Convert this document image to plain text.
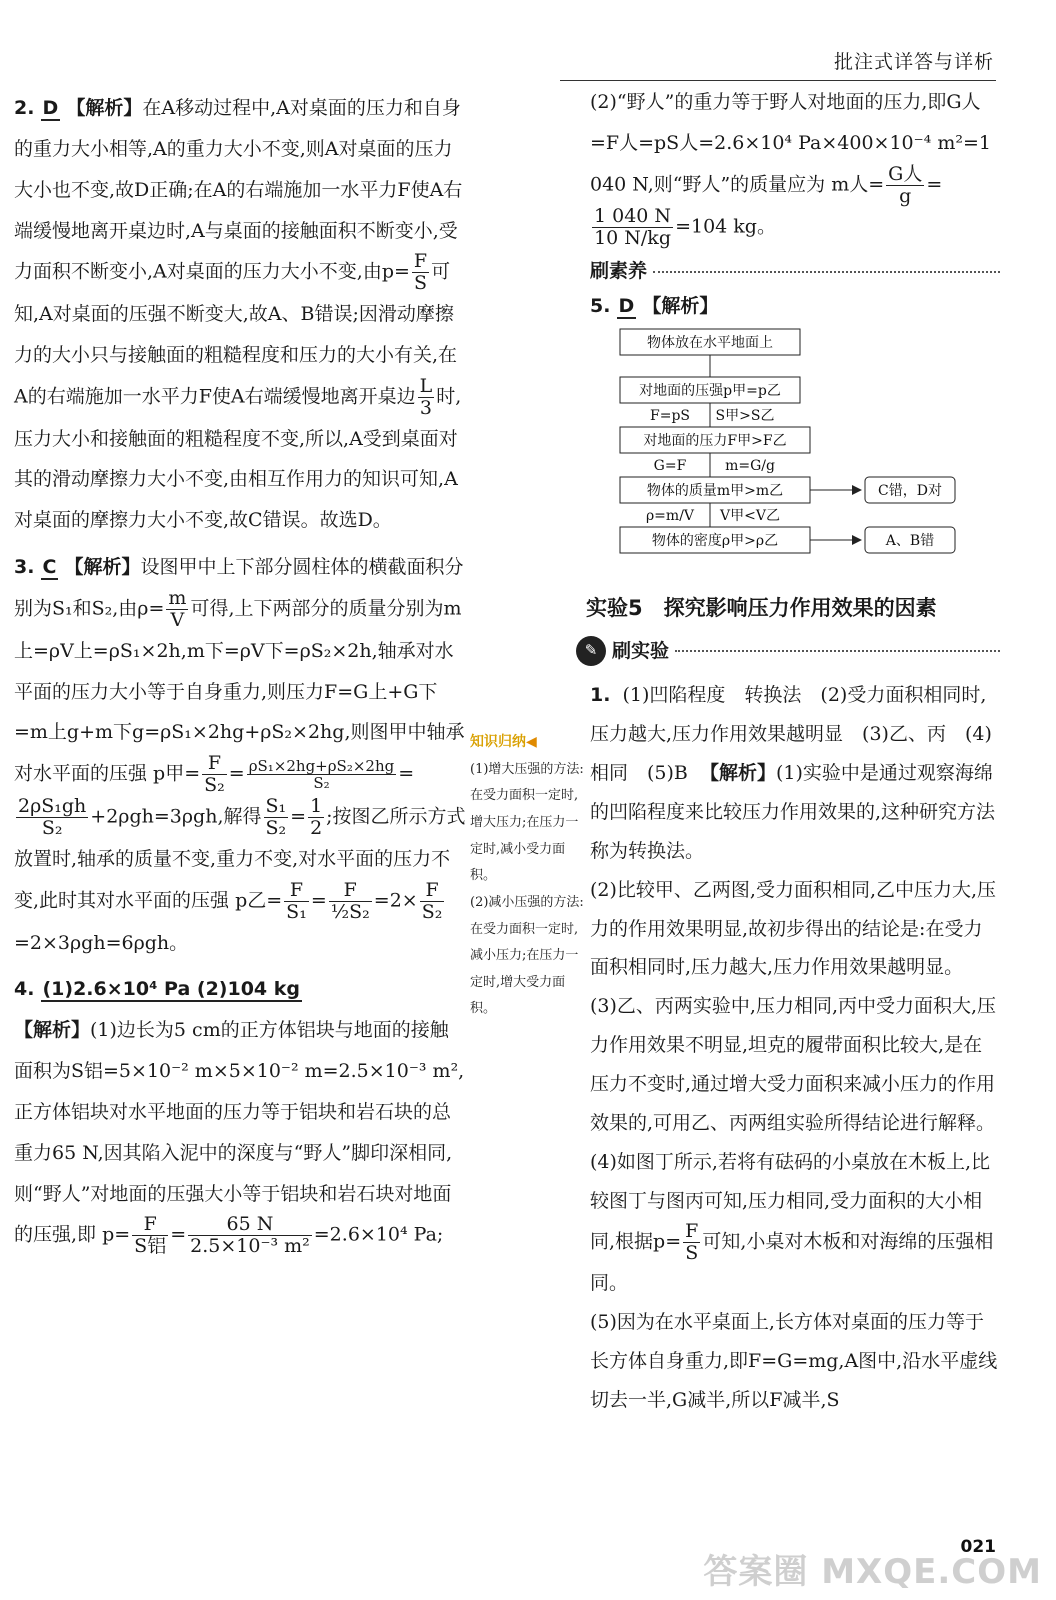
批注式详答与详析
2. D 【解析】在A移动过程中,A对桌面的压力和自身的重力大小相等,A的重力大小不变,则A对桌面的压力大小也不变,故D正确;在A的右端施加一水平力F使A右端缓慢地离开桌边时,A与桌面的接触面积不断变小,受力面积不断变小,A对桌面的压力大小不变,由$p= \frac{F}{S}$ 可知,A对桌面的压强不断变大,故A、B错误;因滑动摩擦力的大小只与接触面的粗糙程度和压力的大小有关,在A的右端施加一水平力F使A右端缓慢地离开桌边 $\frac{L}{3}$ 时,压力大小和接触面的粗糙程度不变,所以,A受到桌面对其的滑动摩擦力大小不变,由相互作用力的知识可知,A对桌面的摩擦力大小不变,故C错误。故选D。
3. C 【解析】设图甲中上下部分圆柱体的横截面积分别为S₁和S₂,由$\rho= \frac{m}{V}$ 可得,上下两部分的质量分别为m上=ρV上=ρS₁×2h,m下=ρV下=ρS₂×2h,轴承对水平面的压力大小等于自身重力,则压力F=G上+G下=m上g+m下g=ρS₁×2hg+ρS₂×2hg,则图甲中轴承对水平面的压强 p甲= $\frac{F}{\text{S₂}} = \frac{\text{ρS₁×2hg+ρS₂×2hg}}{\text{S₂}}$ =
$\frac{\text{2ρS₁gh}}{\text{S₂}} +2\rho gh=3\rho gh$,解得 $\frac{\text{S₁}}{\text{S₂}} = \frac{1}{2}$ ;按图乙所示方式放置时,轴承的质量不变,重力不变,对水平面的压力不变,此时其对水平面的压强 p乙= $\frac{F}{\text{S₁}} = \frac{F}{\text{½S₂}} =2\times \frac{F}{\text{S₂}}$
=2×3ρgh=6ρgh。
4. (1)2.6×10⁴ Pa (2)104 kg
【解析】(1)边长为5 cm的正方体铝块与地面的接触面积为S铝=5×10⁻² m×5×10⁻² m=2.5×10⁻³ m²,正方体铝块对水平地面的压力等于铝块和岩石块的总重力65 N,因其陷入泥中的深度与“野人”脚印深相同,则“野人”对地面的压强大小等于铝块和岩石块对地面的压强,即 $p= \frac{F}{\text{S铝}} = \frac{65 N}{\text{2.5×10⁻³ m²}} =2.6\times 10^4$ Pa;
知识归纳◀
(1)增大压强的方法:在受力面积一定时,增大压力;在压力一定时,减小受力面积。
(2)减小压强的方法:在受力面积一定时,减小压力;在压力一定时,增大受力面积。
(2)“野人”的重力等于野人对地面的压力,即G人=F人=pS人=2.6×10⁴ Pa×400×10⁻⁴ m²=1 040 N,则“野人”的质量应为 m人= $\frac{\text{G人}}{g}$ =
$\frac{1 040 N}{10 N/kg} =104$ kg。
刷素养
5. D 【解析】
物体放在水平地面上
对地面的压强p甲=p乙
F=pS S甲>S乙
对地面的压力F甲>F乙
G=F	m=G/g
物体的质量m甲>m乙	C错，D对
ρ=m/V V甲<V乙
物体的密度ρ甲>ρ乙	A、B错
实验5　探究影响压力作用效果的因素
✎ 刷实验
1. (1)凹陷程度　转换法　(2)受力面积相同时,压力越大,压力作用效果越明显　(3)乙、丙　(4)相同　(5)B 【解析】(1)实验中是通过观察海绵的凹陷程度来比较压力作用效果的,这种研究方法称为转换法。

(2)比较甲、乙两图,受力面积相同,乙中压力大,压力的作用效果明显,故初步得出的结论是:在受力面积相同时,压力越大,压力作用效果越明显。

(3)乙、丙两实验中,压力相同,丙中受力面积大,压力作用效果不明显,坦克的履带面积比较大,是在压力不变时,通过增大受力面积来减小压力的作用效果的,可用乙、丙两组实验所得结论进行解释。

(4)如图丁所示,若将有砝码的小桌放在木板上,比较图丁与图丙可知,压力相同,受力面积的大小相同,根据$p= \frac{F}{S}$ 可知,小桌对木板和对海绵的压强相同。

(5)因为在水平桌面上,长方体对桌面的压力等于长方体自身重力,即F=G=mg,A图中,沿水平虚线切去一半,G减半,所以F减半,S

答案圈 MXQE.COM
021
